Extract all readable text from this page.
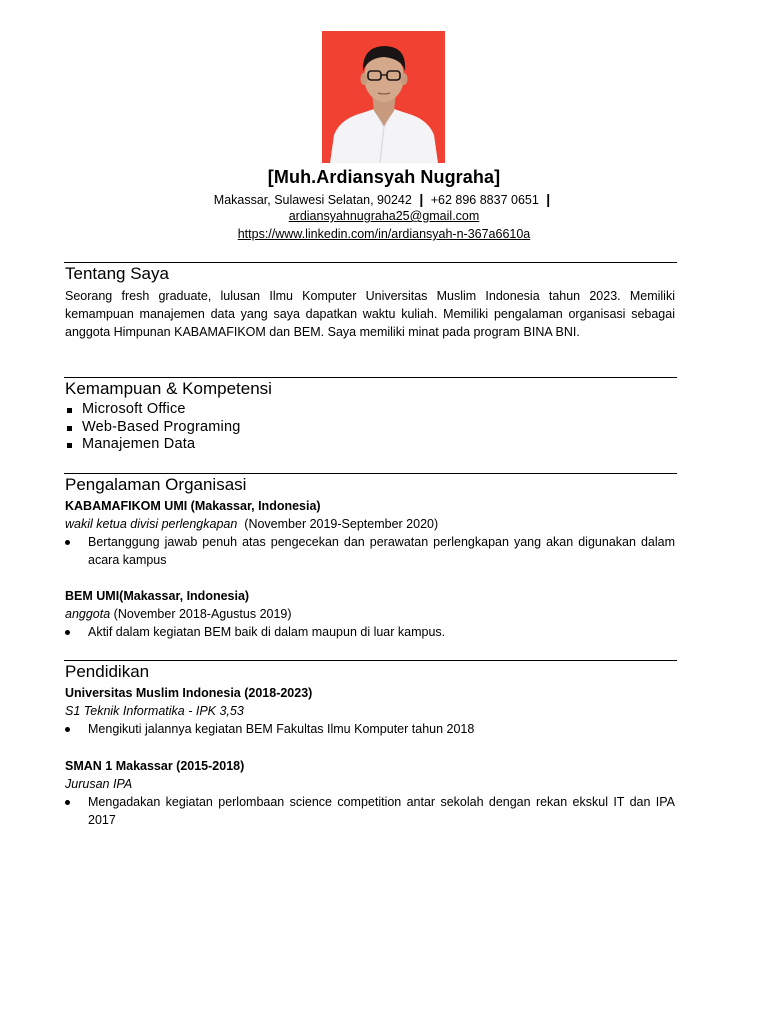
[Muh.Ardiansyah Nugraha]
Makassar, Sulawesi Selatan, 90242 | +62 896 8837 0651 |
ardiansyahnugraha25@gmail.com
https://www.linkedin.com/in/ardiansyah-n-367a6610a
Tentang Saya
Seorang fresh graduate, lulusan Ilmu Komputer Universitas Muslim Indonesia tahun 2023. Memiliki kemampuan manajemen data yang saya dapatkan waktu kuliah. Memiliki pengalaman organisasi sebagai anggota Himpunan KABAMAFIKOM dan BEM. Saya memiliki minat pada program BINA BNI.
Kemampuan & Kompetensi
Microsoft Office
Web-Based Programing
Manajemen Data
Pengalaman Organisasi
KABAMAFIKOM UMI (Makassar, Indonesia)
wakil ketua divisi perlengkapan (November 2019-September 2020)
Bertanggung jawab penuh atas pengecekan dan perawatan perlengkapan yang akan digunakan dalam acara kampus
BEM UMI(Makassar, Indonesia)
anggota (November 2018-Agustus 2019)
Aktif dalam kegiatan BEM baik di dalam maupun di luar kampus.
Pendidikan
Universitas Muslim Indonesia (2018-2023)
S1 Teknik Informatika - IPK 3,53
Mengikuti jalannya kegiatan BEM Fakultas Ilmu Komputer tahun 2018
SMAN 1 Makassar (2015-2018)
Jurusan IPA
Mengadakan kegiatan perlombaan science competition antar sekolah dengan rekan ekskul IT dan IPA 2017
